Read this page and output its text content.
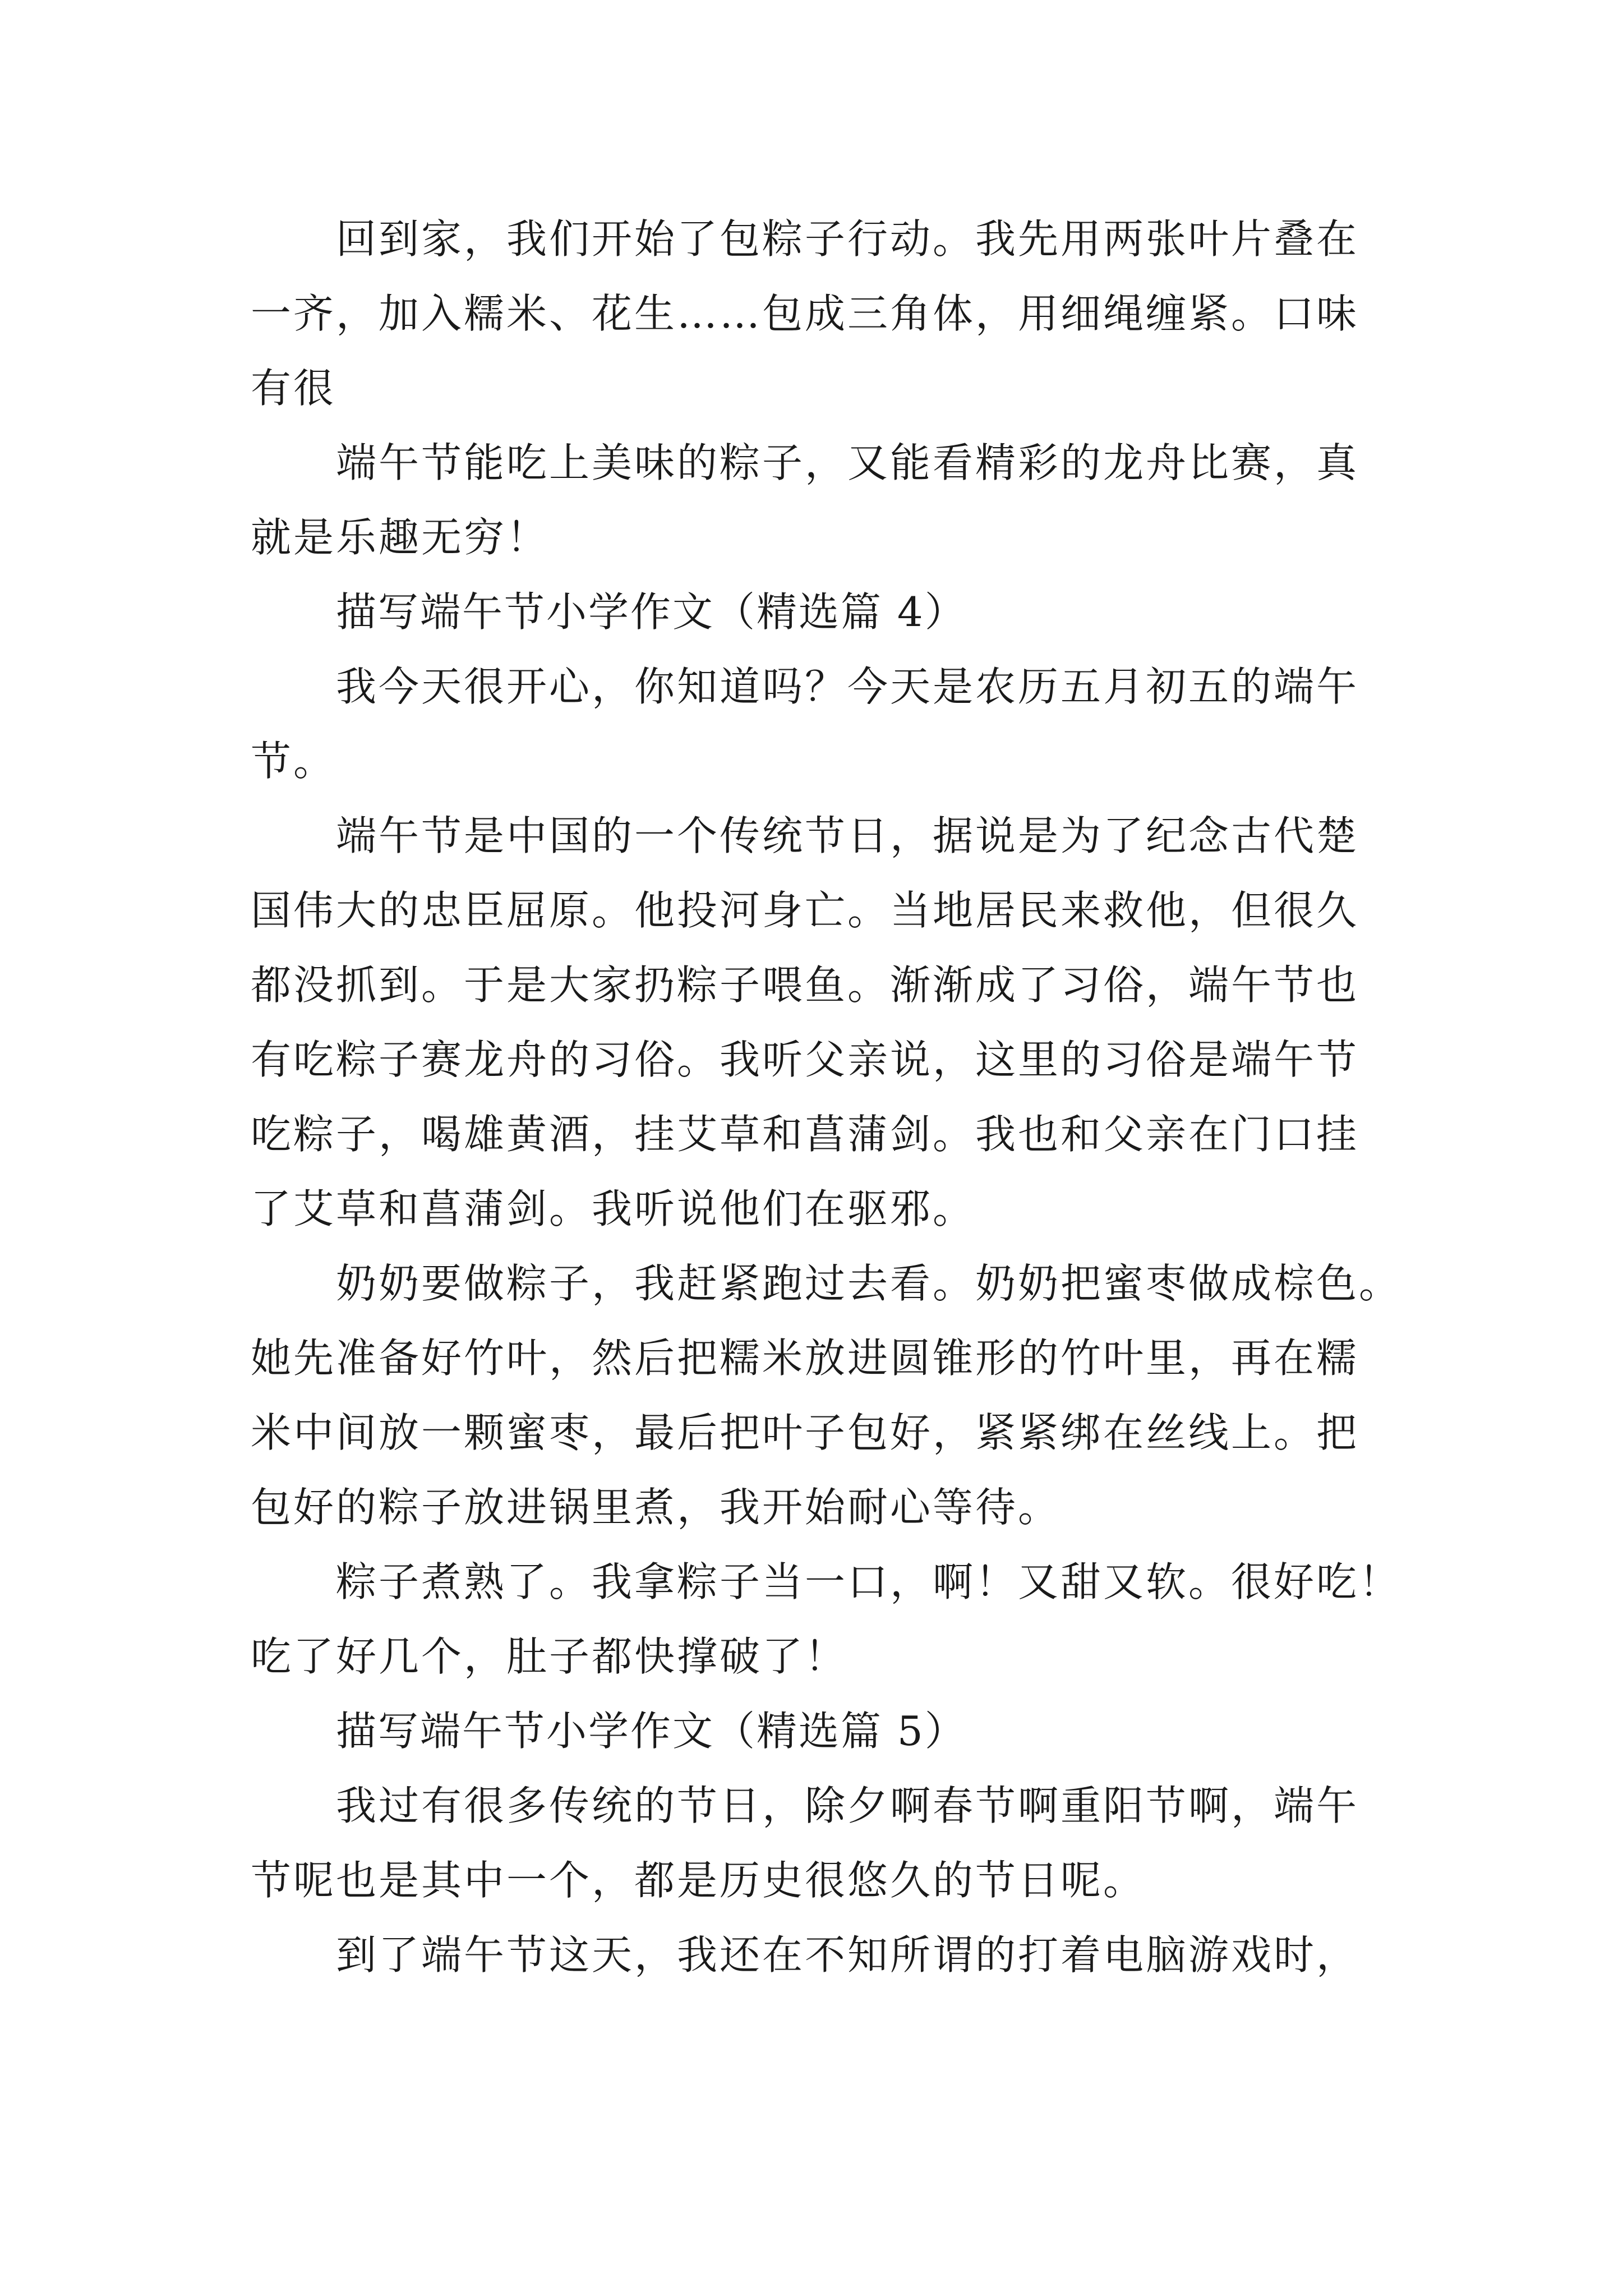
回到家，我们开始了包粽子行动。我先用两张叶片叠在
一齐，加入糯米、花生……包成三角体，用细绳缠紧。口味
有很
端午节能吃上美味的粽子，又能看精彩的龙舟比赛，真
就是乐趣无穷！
描写端午节小学作文（精选篇 4）
我今天很开心，你知道吗？今天是农历五月初五的端午
节。
端午节是中国的一个传统节日，据说是为了纪念古代楚
国伟大的忠臣屈原。他投河身亡。当地居民来救他，但很久
都没抓到。于是大家扔粽子喂鱼。渐渐成了习俗，端午节也
有吃粽子赛龙舟的习俗。我听父亲说，这里的习俗是端午节
吃粽子，喝雄黄酒，挂艾草和菖蒲剑。我也和父亲在门口挂
了艾草和菖蒲剑。我听说他们在驱邪。
奶奶要做粽子，我赶紧跑过去看。奶奶把蜜枣做成棕色。
她先准备好竹叶，然后把糯米放进圆锥形的竹叶里，再在糯
米中间放一颗蜜枣，最后把叶子包好，紧紧绑在丝线上。把
包好的粽子放进锅里煮，我开始耐心等待。
粽子煮熟了。我拿粽子当一口，啊！又甜又软。很好吃！
吃了好几个，肚子都快撑破了！
描写端午节小学作文（精选篇 5）
我过有很多传统的节日，除夕啊春节啊重阳节啊，端午
节呢也是其中一个，都是历史很悠久的节日呢。
到了端午节这天，我还在不知所谓的打着电脑游戏时，
